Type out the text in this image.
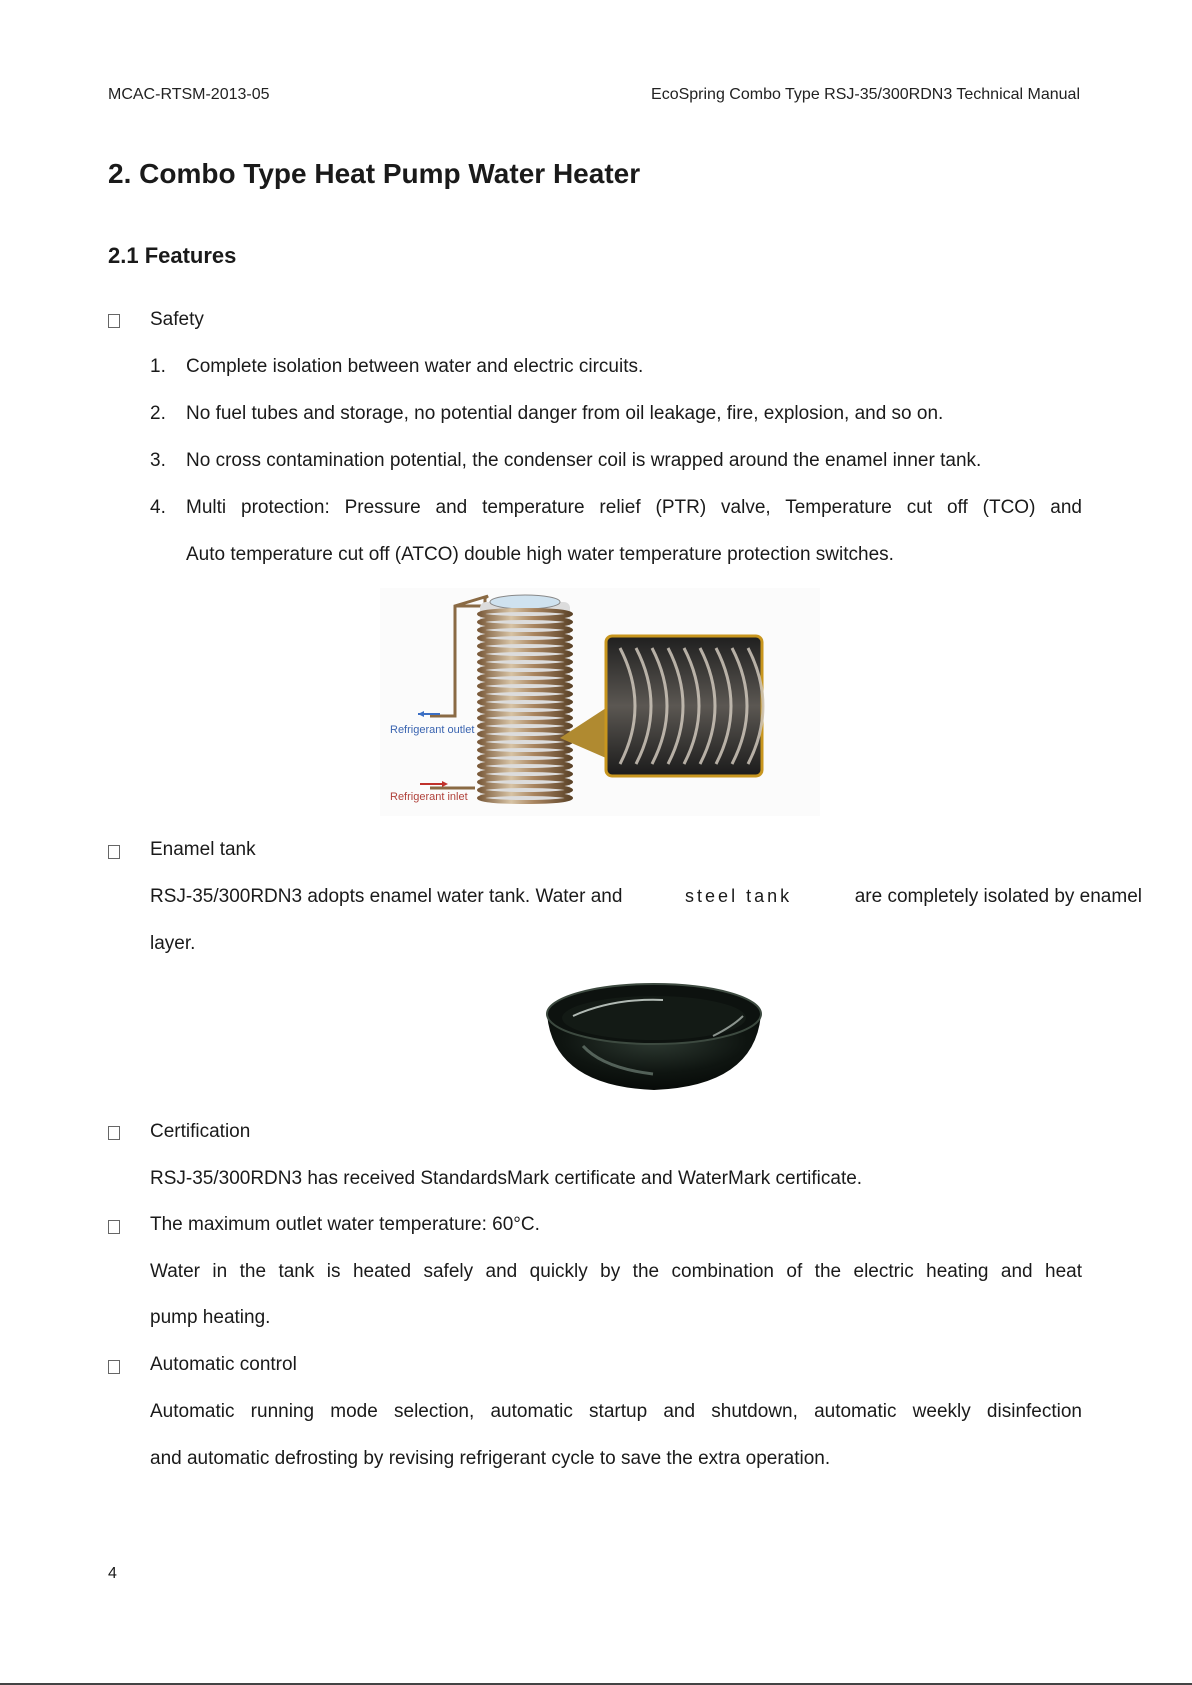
MCAC-RTSM-2013-05	EcoSpring Combo Type RSJ-35/300RDN3 Technical Manual
2. Combo Type Heat Pump Water Heater
2.1 Features
Safety
1. Complete isolation between water and electric circuits.
2. No fuel tubes and storage, no potential danger from oil leakage, fire, explosion, and so on.
3. No cross contamination potential, the condenser coil is wrapped around the enamel inner tank.
4. Multi protection: Pressure and temperature relief (PTR) valve, Temperature cut off (TCO) and
Auto temperature cut off (ATCO) double high water temperature protection switches.
Refrigerant outlet
Refrigerant inlet
Enamel tank
RSJ-35/300RDN3 adopts enamel water tank. Water and	steel tank	are completely isolated by enamel
layer.
Certification
RSJ-35/300RDN3 has received StandardsMark certificate and WaterMark certificate.
The maximum outlet water temperature: 60°C.
Water in the tank is heated safely and quickly by the combination of the electric heating and heat
pump heating.
Automatic control
Automatic running mode selection, automatic startup and shutdown, automatic weekly disinfection
and automatic defrosting by revising refrigerant cycle to save the extra operation.
4
